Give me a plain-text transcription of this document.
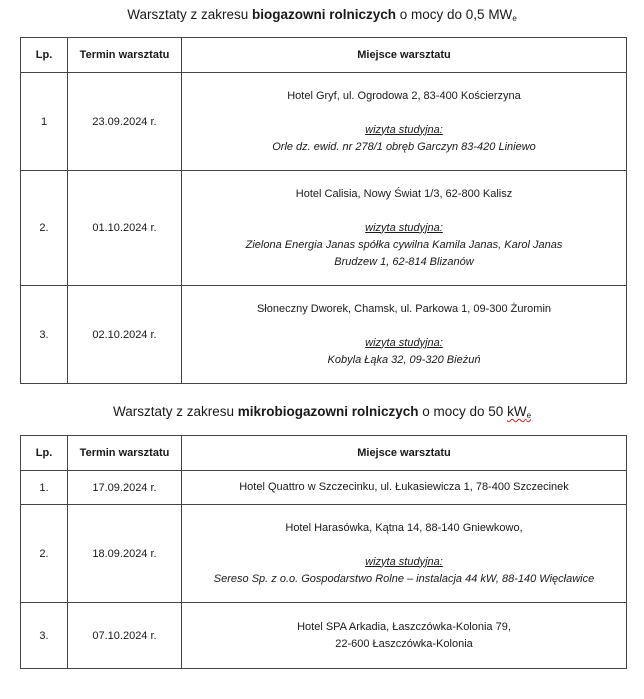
Warsztaty z zakresu biogazowni rolniczych o mocy do 0,5 $MW_e$
Lp.	Termin warsztatu	Miejsce warsztatu
1	23.09.2024 r.	Hotel Gryf, ul. Ogrodowa 2, 83-400 Kościerzyna
wizyta studyjna:
Orle dz. ewid. nr 278/1 obręb Garczyn 83-420 Liniewo

2.	01.10.2024 r.	Hotel Calisia, Nowy Świat 1/3, 62-800 Kalisz
wizyta studyjna:
Zielona Energia Janas spółka cywilna Kamila Janas, Karol Janas
Brudzew 1, 62-814 Blizanów

3.	02.10.2024 r.	Słoneczny Dworek, Chamsk, ul. Parkowa 1, 09-300 Żuromin
wizyta studyjna:
Kobyla Łąka 32, 09-320 Bieżuń
Warsztaty z zakresu mikrobiogazowni rolniczych o mocy do 50 $kW_e$
Lp.	Termin warsztatu	Miejsce warsztatu
1.	17.09.2024 r.	Hotel Quattro w Szczecinku, ul. Łukasiewicza 1, 78-400 Szczecinek
2.	18.09.2024 r.	Hotel Harasówka, Kątna 14, 88-140 Gniewkowo,
wizyta studyjna:
Sereso Sp. z o.o. Gospodarstwo Rolne – instalacja 44 kW, 88-140 Więcławice

3.	07.10.2024 r.	Hotel SPA Arkadia, Łaszczówka-Kolonia 79,
22-600 Łaszczówka-Kolonia
